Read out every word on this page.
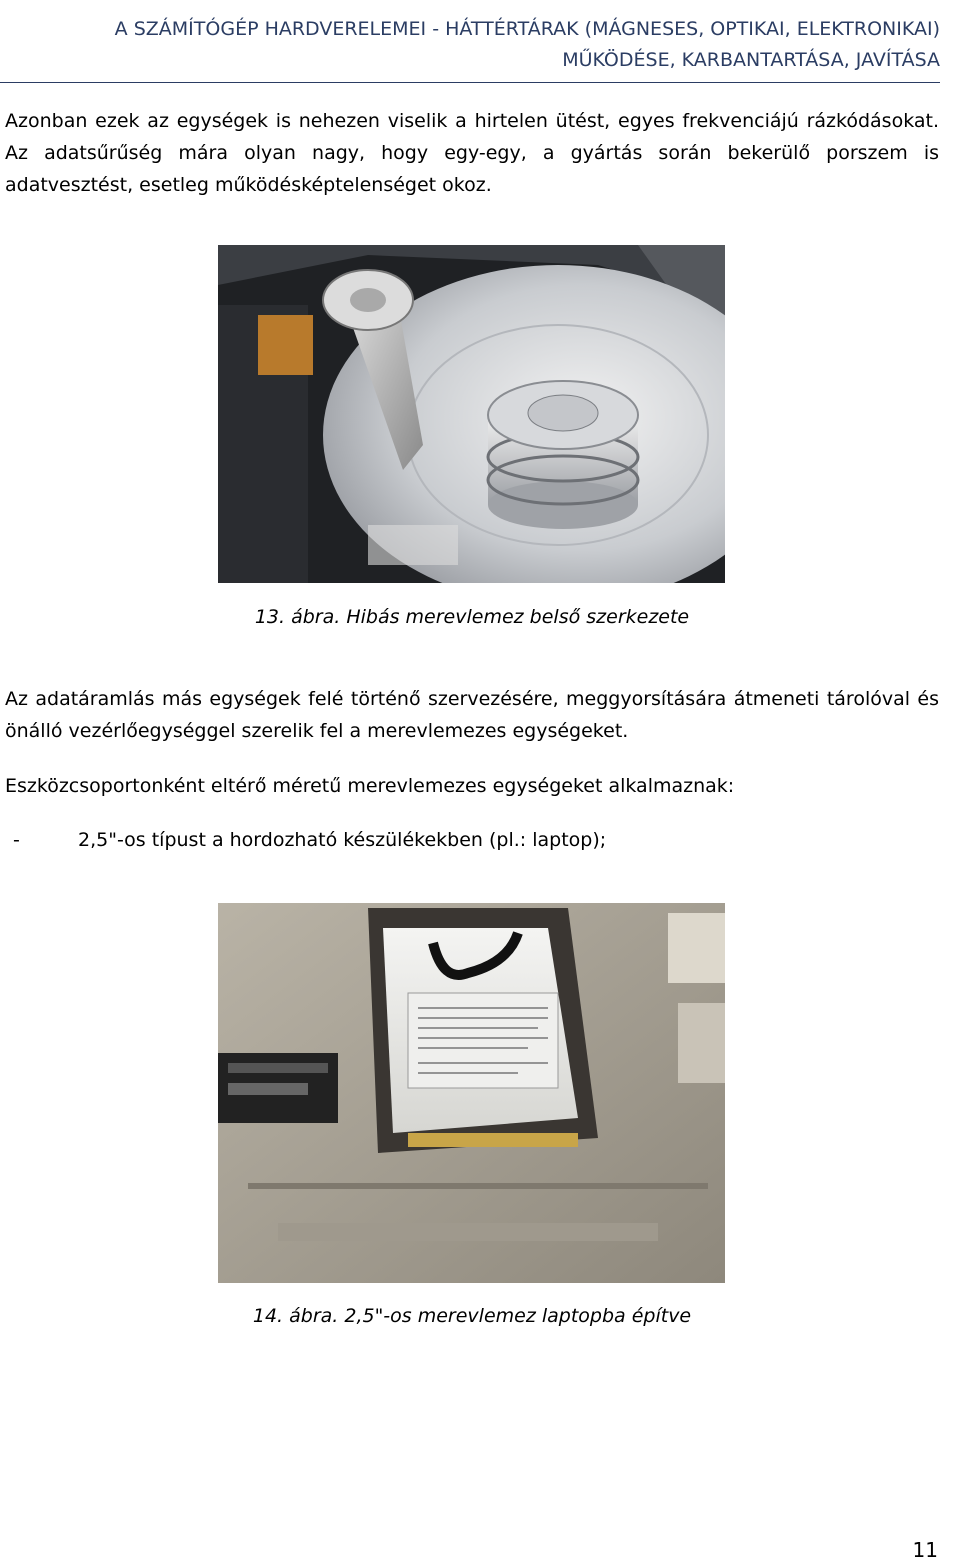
A SZÁMÍTÓGÉP HARDVERELEMEI - HÁTTÉRTÁRAK (MÁGNESES, OPTIKAI, ELEKTRONIKAI)
MŰKÖDÉSE, KARBANTARTÁSA, JAVÍTÁSA

Azonban ezek az egységek is nehezen viselik a hirtelen ütést, egyes frekvenciájú rázkódásokat. Az adatsűrűség mára olyan nagy, hogy egy-egy, a gyártás során bekerülő porszem is adatvesztést, esetleg működésképtelenséget okoz.

13. ábra. Hibás merevlemez belső szerkezete

Az adatáramlás más egységek felé történő szervezésére, meggyorsítására átmeneti tárolóval és önálló vezérlőegységgel szerelik fel a merevlemezes egységeket.

Eszközcsoportonként eltérő méretű merevlemezes egységeket alkalmaznak:

-	2,5"-os típust a hordozható készülékekben (pl.: laptop);
14. ábra. 2,5"-os merevlemez laptopba építve
11
